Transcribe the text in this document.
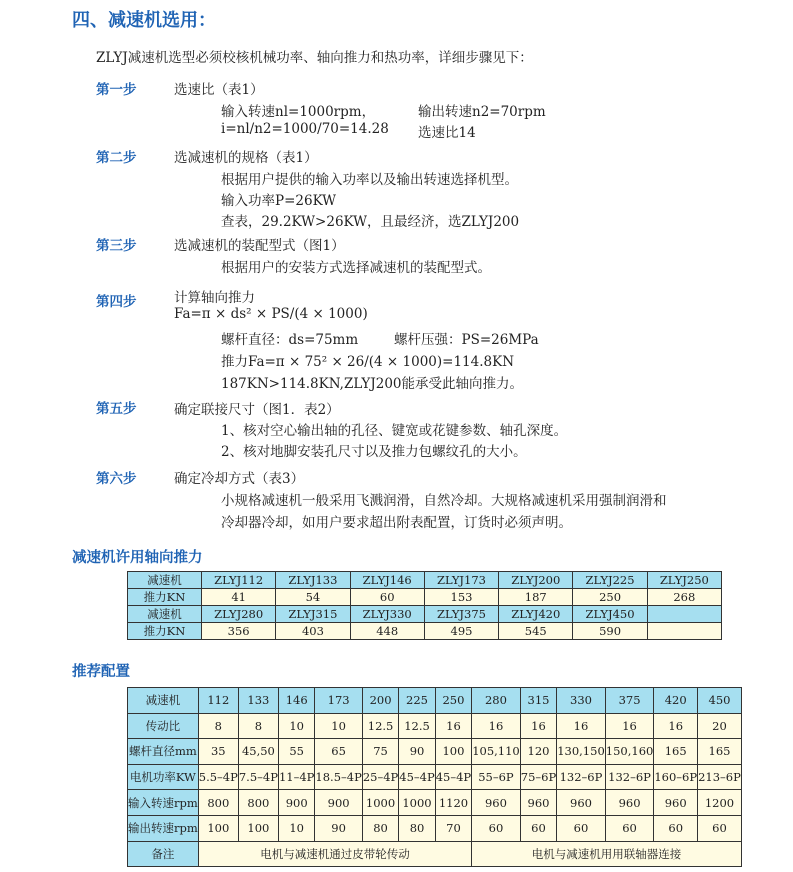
四、减速机选用：
ZLYJ减速机选型必须校核机械功率、轴向推力和热功率，详细步骤见下：
第一步	选速比（表1）
输入转速nl=1000rpm，	输出转速n2=70rpm
i=nl/n2=1000/70=14.28 选速比14
第二步	选减速机的规格（表1）
根据用户提供的输入功率以及输出转速选择机型。
输入功率P=26KW
查表，29.2KW>26KW，且最经济，选ZLYJ200
第三步	选减速机的装配型式（图1）
根据用户的安装方式选择减速机的装配型式。
第四步	计算轴向推力
Fa=π × ds² × PS/(4 × 1000)
螺杆直径：ds=75mm	螺杆压强：PS=26MPa
推力Fa=π × 75² × 26/(4 × 1000)=114.8KN
187KN>114.8KN,ZLYJ200能承受此轴向推力。
第五步	确定联接尺寸（图1．表2）
1、核对空心输出轴的孔径、键宽或花键参数、轴孔深度。
2、核对地脚安装孔尺寸以及推力包螺纹孔的大小。
第六步	确定冷却方式（表3）
小规格减速机一般采用飞溅润滑，自然冷却。大规格减速机采用强制润滑和
冷却器冷却，如用户要求超出附表配置，订货时必须声明。
减速机许用轴向推力
减速机	ZLYJ112	ZLYJ133	ZLYJ146	ZLYJ173	ZLYJ200	ZLYJ225	ZLYJ250
推力KN	41	54	60	153	187	250	268
减速机	ZLYJ280	ZLYJ315	ZLYJ330	ZLYJ375	ZLYJ420	ZLYJ450	
推力KN	356	403	448	495	545	590	
推荐配置
减速机	112	133	146	173	200	225	250	280	315	330	375	420	450
传动比	8	8	10	10	12.5	12.5	16	16	16	16	16	16	20
螺杆直径mm	35	45,50	55	65	75	90	100	105,110	120	130,150	150,160	165	165
电机功率KW	5.5–4P	7.5–4P	11–4P	18.5–4P	25–4P	45–4P	45–4P	55–6P	75–6P	132–6P	132–6P	160–6P	213–6P
输入转速rpm	800	800	900	900	1000	1000	1120	960	960	960	960	960	1200
输出转速rpm	100	100	10	90	80	80	70	60	60	60	60	60	60
备注	电机与减速机通过皮带轮传动							电机与减速机用用联轴器连接					
